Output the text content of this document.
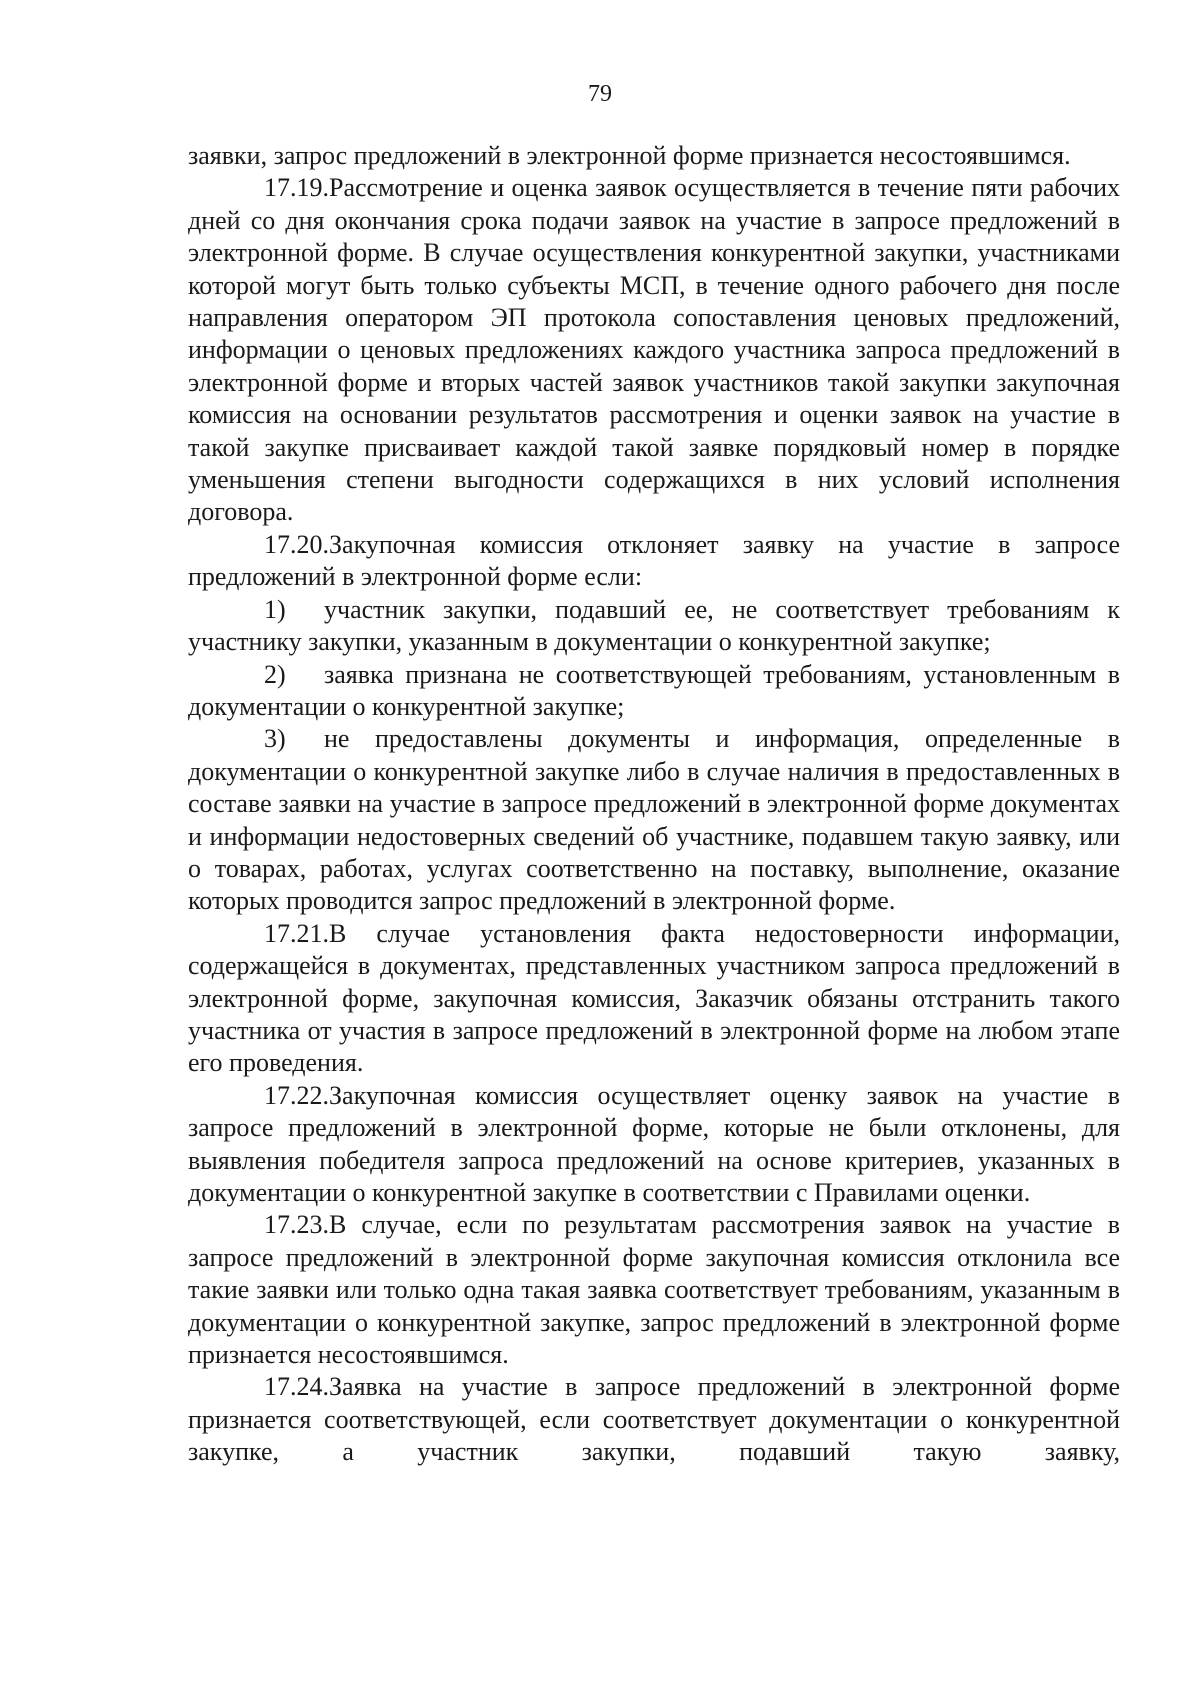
79

заявки, запрос предложений в электронной форме признается несостоявшимся.

17.19.Рассмотрение и оценка заявок осуществляется в течение пяти рабочих дней со дня окончания срока подачи заявок на участие в запросе предложений в электронной форме. В случае осуществления конкурентной закупки, участниками которой могут быть только субъекты МСП, в течение одного рабочего дня после направления оператором ЭП протокола сопоставления ценовых предложений, информации о ценовых предложениях каждого участника запроса предложений в электронной форме и вторых частей заявок участников такой закупки закупочная комиссия на основании результатов рассмотрения и оценки заявок на участие в такой закупке присваивает каждой такой заявке порядковый номер в порядке уменьшения степени выгодности содержащихся в них условий исполнения договора.

17.20.Закупочная комиссия отклоняет заявку на участие в запросе предложений в электронной форме если:

1) участник закупки, подавший ее, не соответствует требованиям к участнику закупки, указанным в документации о конкурентной закупке;

2) заявка признана не соответствующей требованиям, установленным в документации о конкурентной закупке;

3) не предоставлены документы и информация, определенные в документации о конкурентной закупке либо в случае наличия в предоставленных в составе заявки на участие в запросе предложений в электронной форме документах и информации недостоверных сведений об участнике, подавшем такую заявку, или о товарах, работах, услугах соответственно на поставку, выполнение, оказание которых проводится запрос предложений в электронной форме.

17.21.В случае установления факта недостоверности информации, содержащейся в документах, представленных участником запроса предложений в электронной форме, закупочная комиссия, Заказчик обязаны отстранить такого участника от участия в запросе предложений в электронной форме на любом этапе его проведения.

17.22.Закупочная комиссия осуществляет оценку заявок на участие в запросе предложений в электронной форме, которые не были отклонены, для выявления победителя запроса предложений на основе критериев, указанных в документации о конкурентной закупке в соответствии с Правилами оценки.

17.23.В случае, если по результатам рассмотрения заявок на участие в запросе предложений в электронной форме закупочная комиссия отклонила все такие заявки или только одна такая заявка соответствует требованиям, указанным в документации о конкурентной закупке, запрос предложений в электронной форме признается несостоявшимся.

17.24.Заявка на участие в запросе предложений в электронной форме признается соответствующей, если соответствует документации о конкурентной закупке, а участник закупки, подавший такую заявку,
